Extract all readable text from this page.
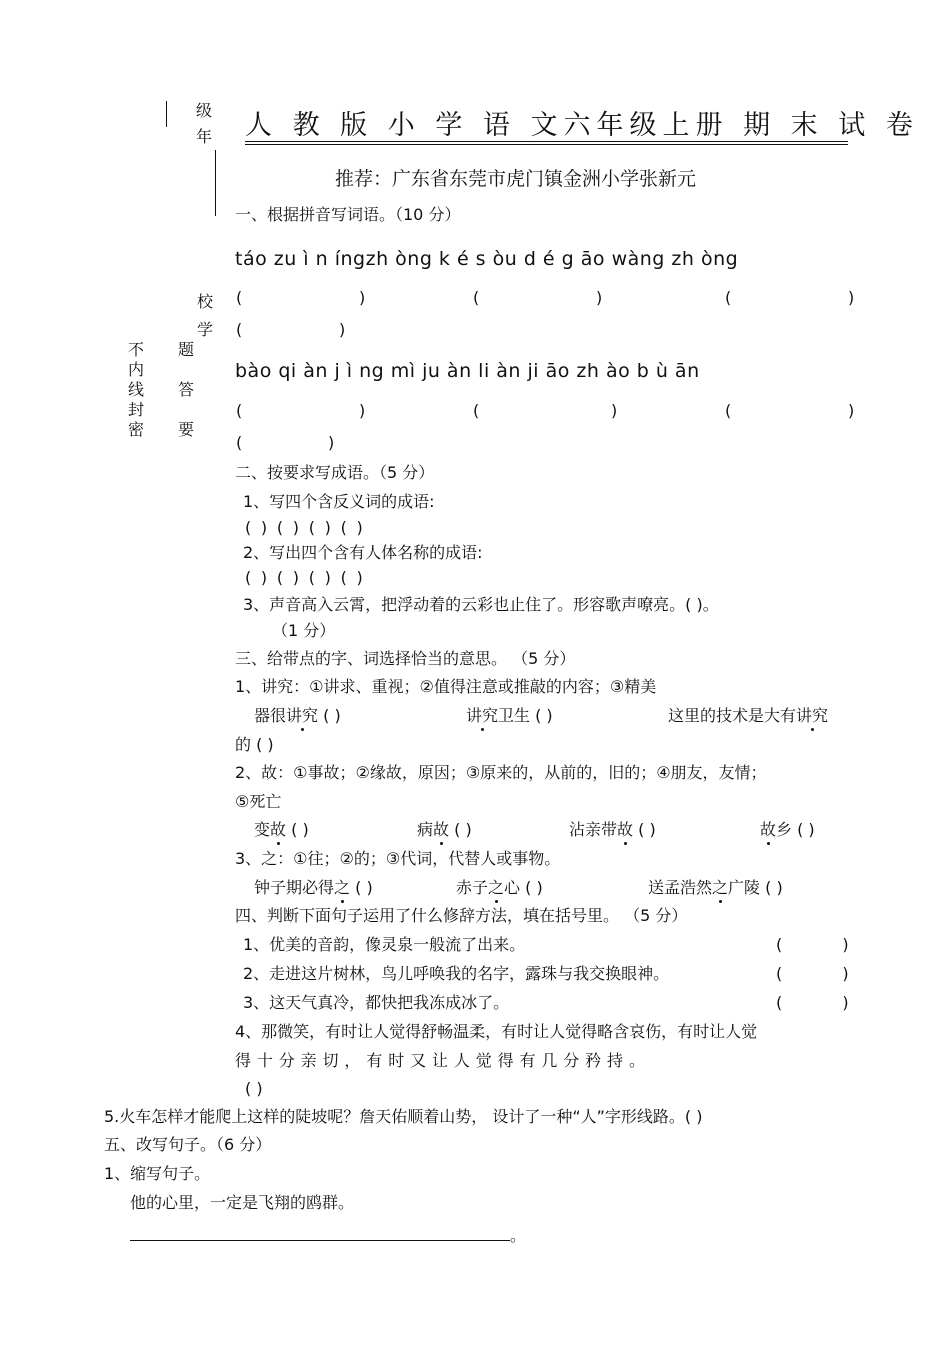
级
年
校
学
不
内
线
封
密
题
答
要
人 教 版 小 学 语 文六年级上册 期 末 试 卷
推荐：广东省东莞市虎门镇金洲小学张新元
一、根据拼音写词语。（10 分）
táo zu ì n íngzh òng k é s òu d é g āo wàng zh òng
(	)	(	)	(	)
(	)
bào qi àn j ì ng mì ju àn li àn ji āo zh ào b ù ān
(	)	(	)	(	)
(	)
二、按要求写成语。（5 分）
1、写四个含反义词的成语:
( ) ( ) ( ) ( )
2、写出四个含有人体名称的成语:
( ) ( ) ( ) ( )
3、声音高入云霄，把浮动着的云彩也止住了。形容歌声嘹亮。( )。
（1 分）
三、给带点的字、词选择恰当的意思。 （5 分）
1、讲究：①讲求、重视；②值得注意或推敲的内容；③精美
器很讲究 ( )	讲究卫生 ( )	这里的技术是大有讲究
的 ( )
2、故：①事故；②缘故，原因；③原来的，从前的，旧的；④朋友，友情；
⑤死亡
变故 ( )	病故 ( )	沾亲带故 ( )	故乡 ( )
3、之：①往；②的；③代词，代替人或事物。
钟子期必得之 ( )	赤子之心 ( )	送孟浩然之广陵 ( )
四、判断下面句子运用了什么修辞方法，填在括号里。 （5 分）
1、优美的音韵，像灵泉一般流了出来。	( )
2、走进这片树林，鸟儿呼唤我的名字，露珠与我交换眼神。	( )
3、这天气真冷，都快把我冻成冰了。	( )
4、那微笑，有时让人觉得舒畅温柔，有时让人觉得略含哀伤，有时让人觉
得 十 分 亲 切 ， 有 时 又 让 人 觉 得 有 几 分 矜 持 。
( )
5.火车怎样才能爬上这样的陡坡呢？詹天佑顺着山势， 设计了一种“人”字形线路。( )
五、改写句子。（6 分）
1、缩写句子。
他的心里，一定是飞翔的鸥群。
。
